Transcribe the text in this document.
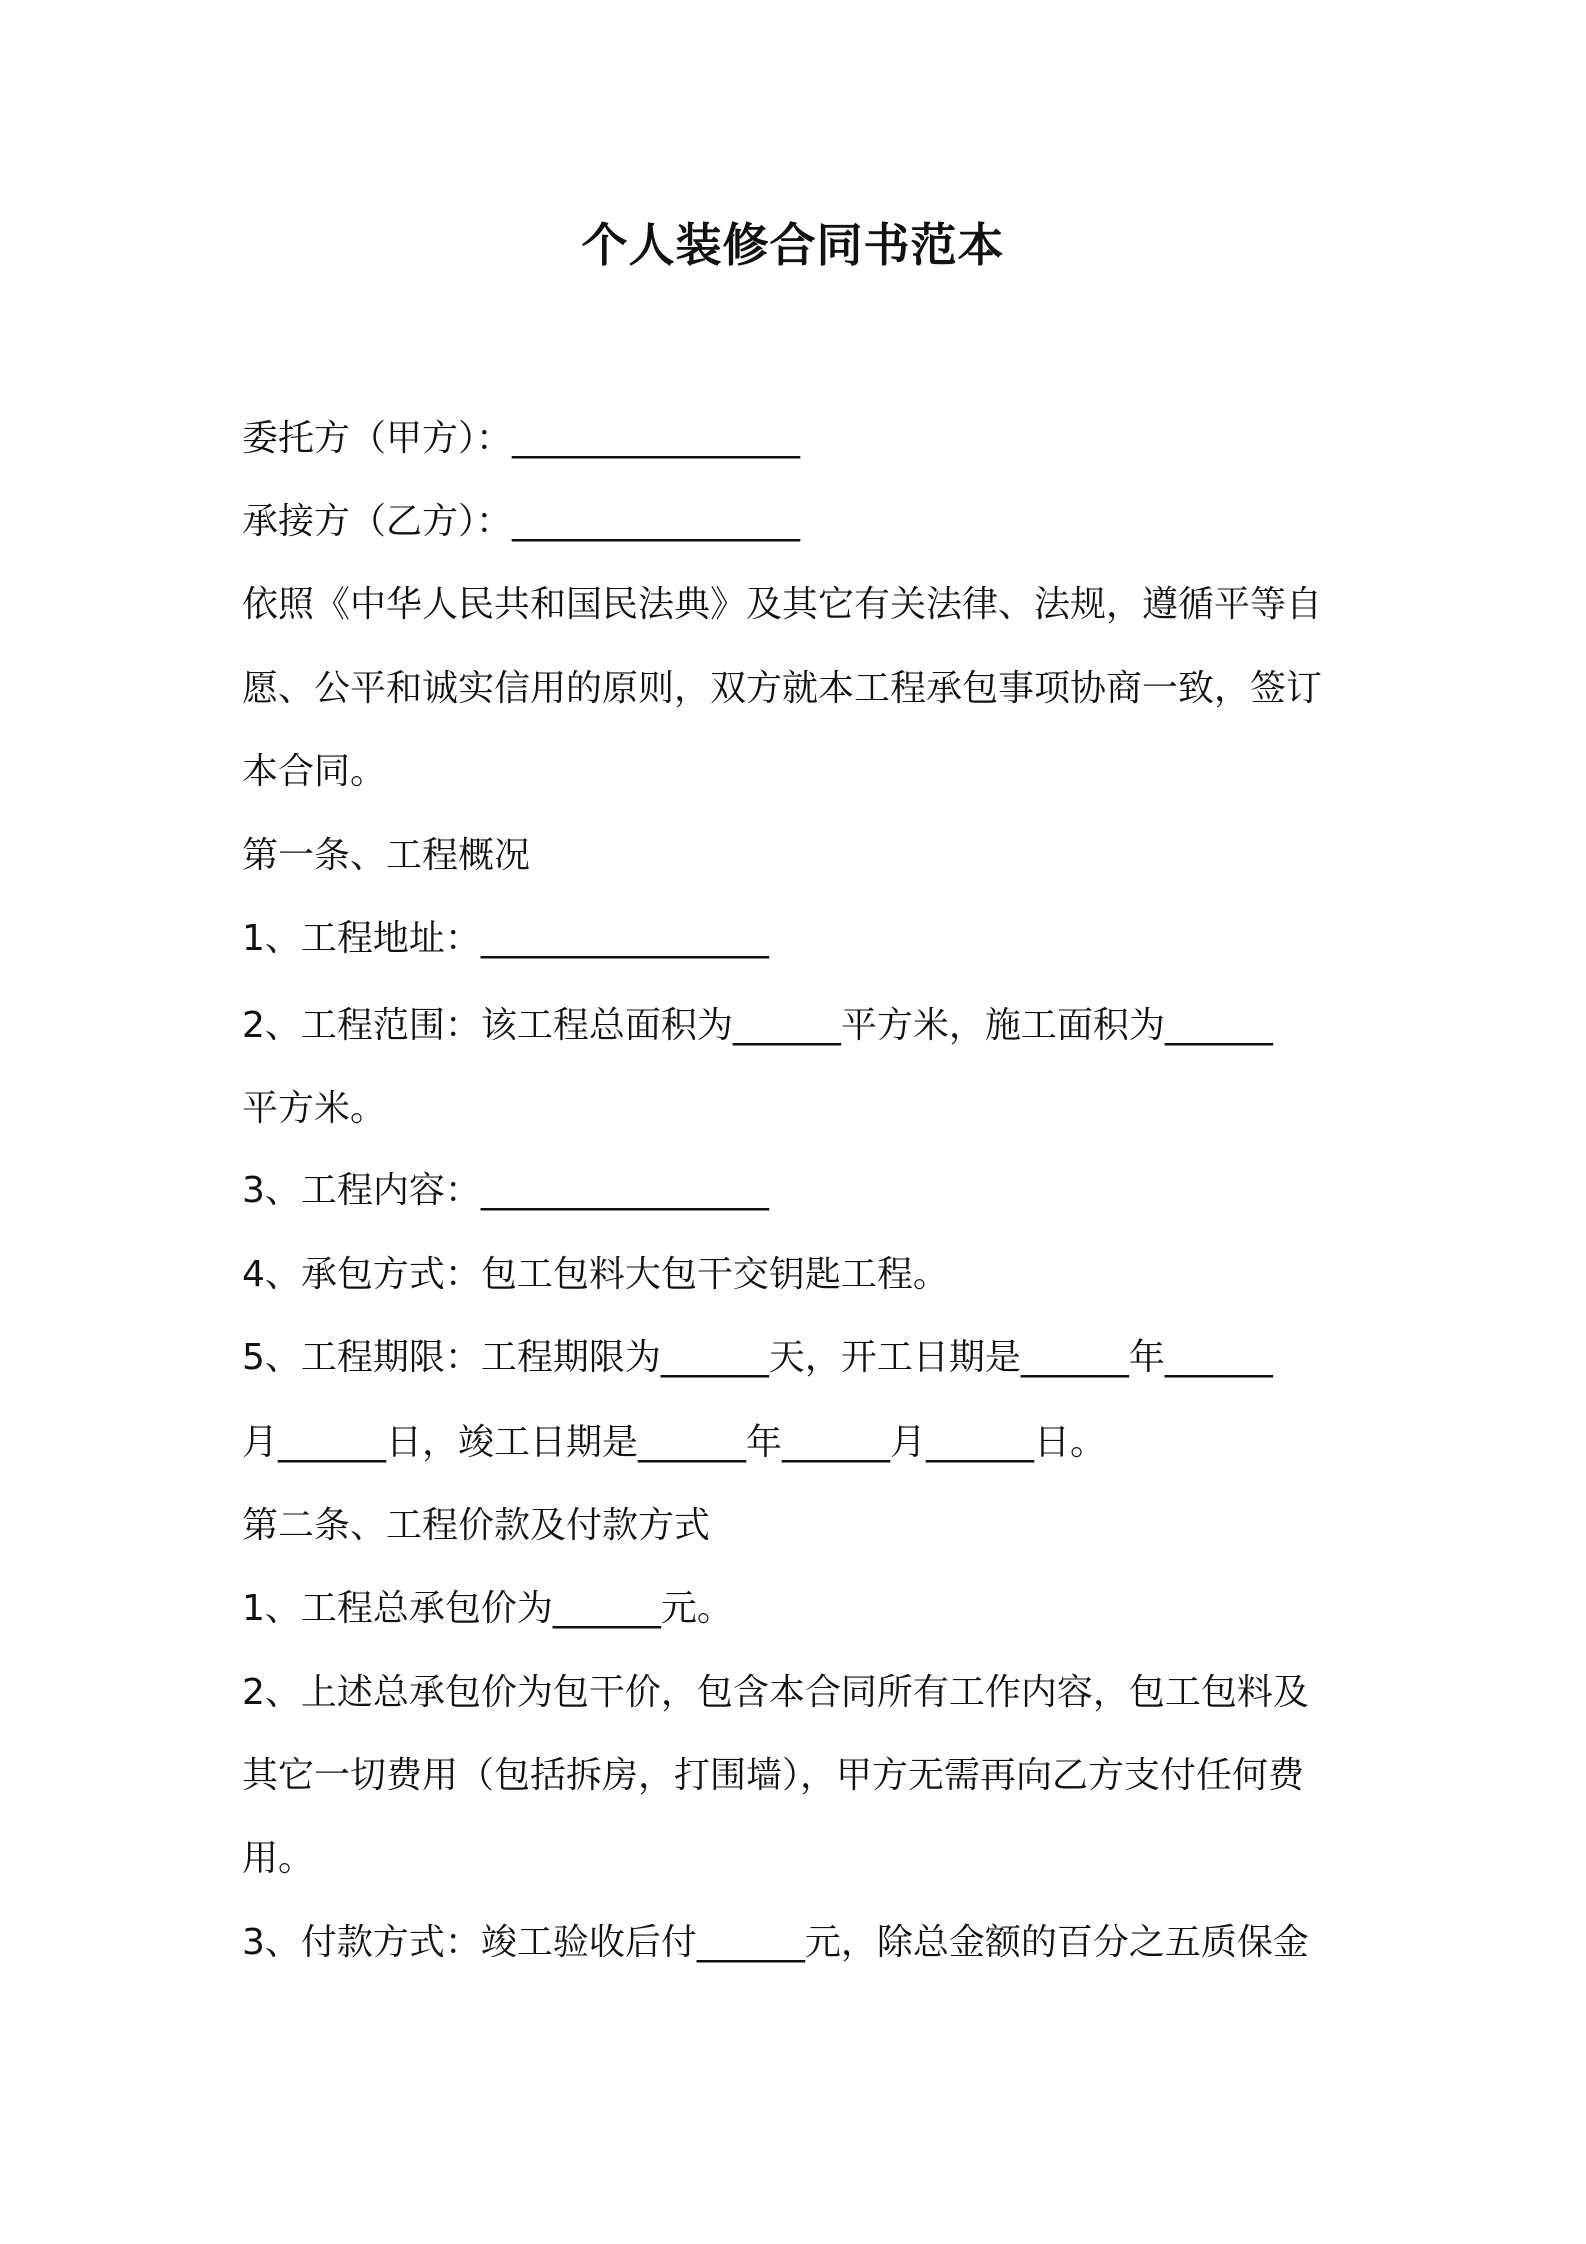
个人装修合同书范本
委托方（甲方）：________________
承接方（乙方）：________________
依照《中华人民共和国民法典》及其它有关法律、法规，遵循平等自
愿、公平和诚实信用的原则，双方就本工程承包事项协商一致，签订
本合同。
第一条、工程概况
1、工程地址：________________
2、工程范围：该工程总面积为______平方米，施工面积为______
平方米。
3、工程内容：________________
4、承包方式：包工包料大包干交钥匙工程。
5、工程期限：工程期限为______天，开工日期是______年______
月______日，竣工日期是______年______月______日。
第二条、工程价款及付款方式
1、工程总承包价为______元。
2、上述总承包价为包干价，包含本合同所有工作内容，包工包料及
其它一切费用（包括拆房，打围墙），甲方无需再向乙方支付任何费
用。
3、付款方式：竣工验收后付______元，除总金额的百分之五质保金
